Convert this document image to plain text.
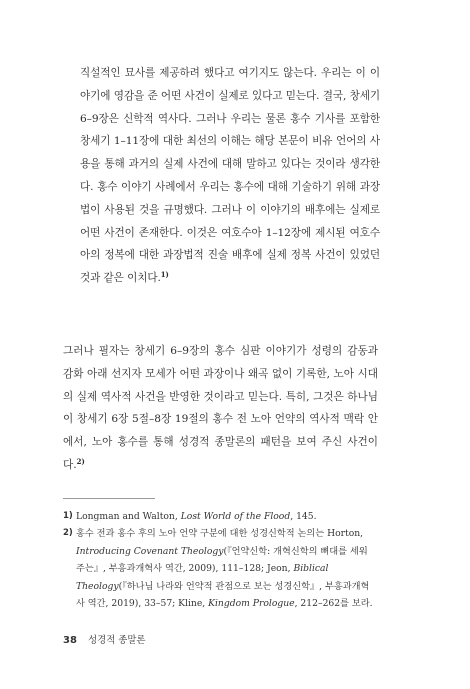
직설적인 묘사를 제공하려 했다고 여기지도 않는다. 우리는 이 이야기에 영감을 준 어떤 사건이 실제로 있다고 믿는다. 결국, 창세기 6–9장은 신학적 역사다. 그러나 우리는 물론 홍수 기사를 포함한 창세기 1–11장에 대한 최선의 이해는 해당 본문이 비유 언어의 사용을 통해 과거의 실제 사건에 대해 말하고 있다는 것이라 생각한다. 홍수 이야기 사례에서 우리는 홍수에 대해 기술하기 위해 과장법이 사용된 것을 규명했다. 그러나 이 이야기의 배후에는 실제로 어떤 사건이 존재한다. 이것은 여호수아 1–12장에 제시된 여호수아의 정복에 대한 과장법적 진술 배후에 실제 정복 사건이 있었던 것과 같은 이치다.$^{1)}$

그러나 필자는 창세기 6–9장의 홍수 심판 이야기가 성령의 감동과 감화 아래 선지자 모세가 어떤 과장이나 왜곡 없이 기록한, 노아 시대의 실제 역사적 사건을 반영한 것이라고 믿는다. 특히, 그것은 하나님이 창세기 6장 5절–8장 19절의 홍수 전 노아 언약의 역사적 맥락 안에서, 노아 홍수를 통해 성경적 종말론의 패턴을 보여 주신 사건이다.$^{2)}$

1) Longman and Walton, Lost World of the Flood, 145.
2) 홍수 전과 홍수 후의 노아 언약 구분에 대한 성경신학적 논의는 Horton, Introducing Covenant Theology(『언약신학: 개혁신학의 뼈대를 세워 주는』, 부흥과개혁사 역간, 2009), 111–128; Jeon, Biblical Theology(『하나님 나라와 언약적 관점으로 보는 성경신학』, 부흥과개혁사 역간, 2019), 33–57; Kline, Kingdom Prologue, 212–262를 보라.
38 성경적 종말론
